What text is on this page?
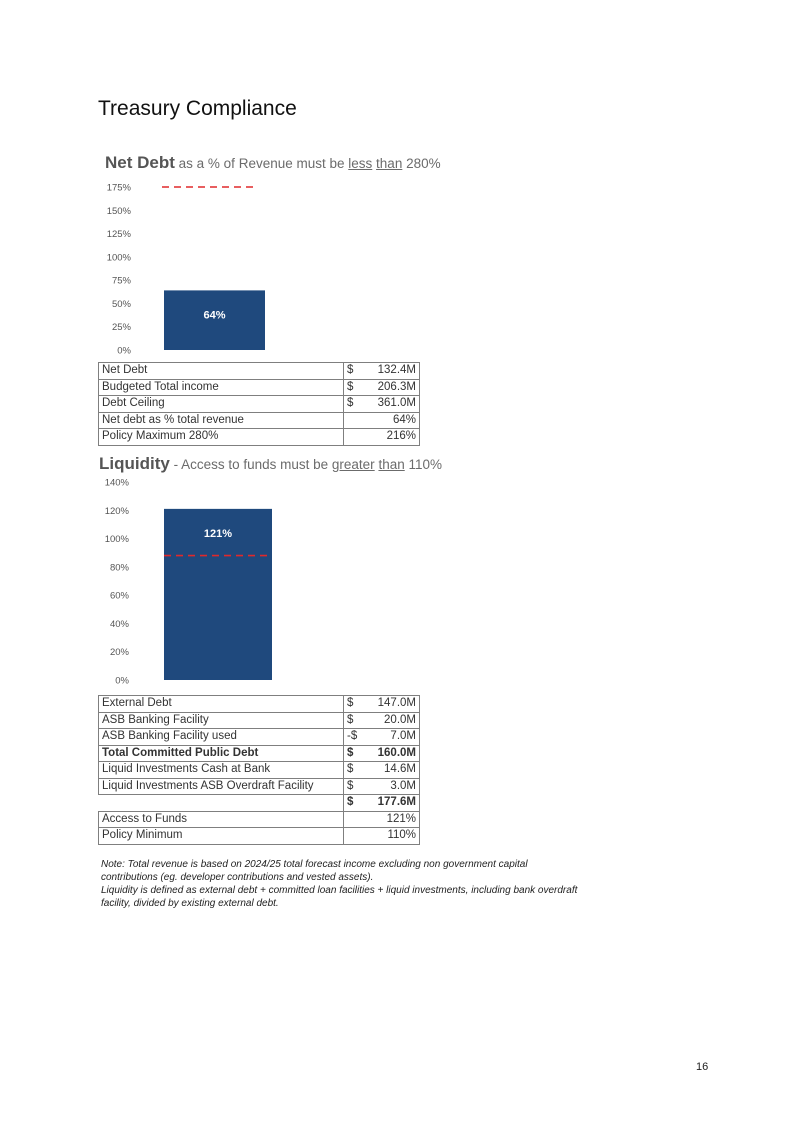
Treasury Compliance
Net Debt as a % of Revenue must be less than 280%
0%
25%
50%
75%
100%
125%
150%
175%
64%
Net Debt	$	132.4M
Budgeted Total income	$	206.3M
Debt Ceiling	$	361.0M
Net debt as % total revenue	64%	
Policy Maximum 280%	216%	
Liquidity - Access to funds must be greater than 110%
0%
20%
40%
60%
80%
100%
120%
140%
121%
External Debt	$	147.0M
ASB Banking Facility	$	20.0M
ASB Banking Facility used	-$	7.0M
Total Committed Public Debt	$	160.0M
Liquid Investments Cash at Bank	$	14.6M
Liquid Investments ASB Overdraft Facility	$	3.0M
	$	177.6M
Access to Funds	121%	
Policy Minimum	110%	
Note: Total revenue is based on 2024/25 total forecast income excluding non government capital contributions (eg. developer contributions and vested assets).
Liquidity is defined as external debt + committed loan facilities + liquid investments, including bank overdraft facility, divided by existing external debt.
16
